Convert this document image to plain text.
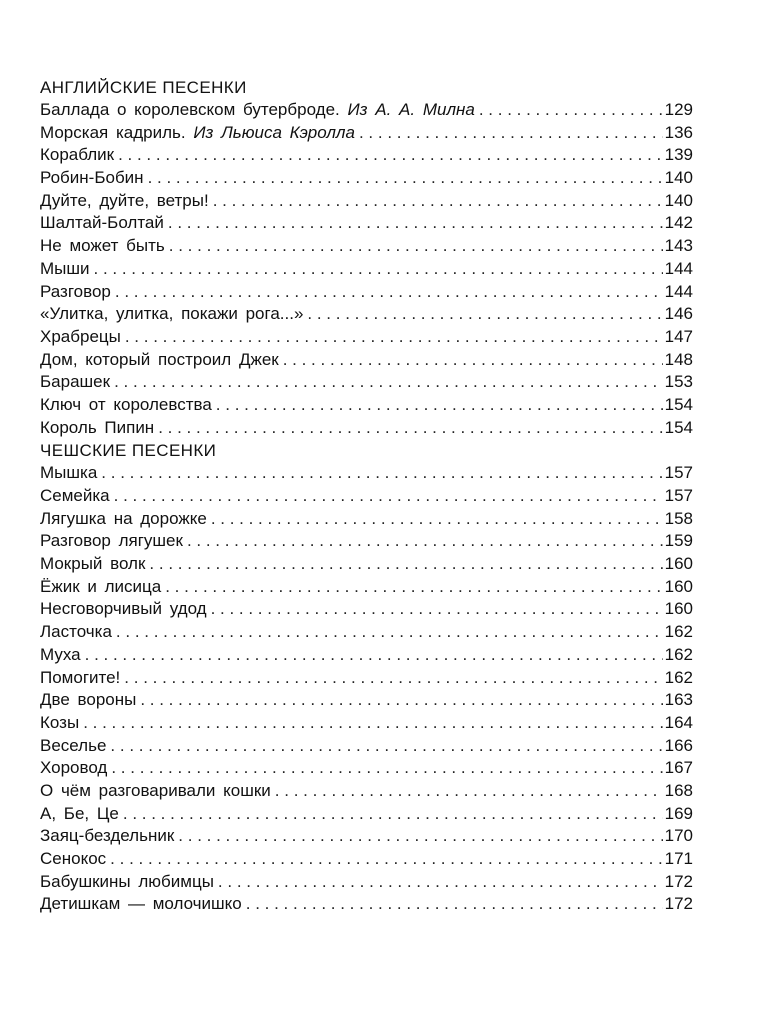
АНГЛИЙСКИЕ ПЕСЕНКИ
Баллада о королевском бутерброде. Из А. А. Милна . . .	129
Морская кадриль. Из Льюиса Кэролла . . .	136
Кораблик . . .	139
Робин-Бобин . . .	140
Дуйте, дуйте, ветры! . . .	140
Шалтай-Болтай . . .	142
Не может быть . . .	143
Мыши . . .	144
Разговор . . .	144
«Улитка, улитка, покажи рога...» . . .	146
Храбрецы . . .	147
Дом, который построил Джек . . .	148
Барашек . . .	153
Ключ от королевства . . .	154
Король Пипин . . .	154
ЧЕШСКИЕ ПЕСЕНКИ
Мышка . . .	157
Семейка . . .	157
Лягушка на дорожке . . .	158
Разговор лягушек . . .	159
Мокрый волк . . .	160
Ёжик и лисица . . .	160
Несговорчивый удод . . .	160
Ласточка . . .	162
Муха . . .	162
Помогите! . . .	162
Две вороны . . .	163
Козы . . .	164
Веселье . . .	166
Хоровод . . .	167
О чём разговаривали кошки . . .	168
А, Бе, Це . . .	169
Заяц-бездельник . . .	170
Сенокос . . .	171
Бабушкины любимцы . . .	172
Детишкам — молочишко . . .	172
